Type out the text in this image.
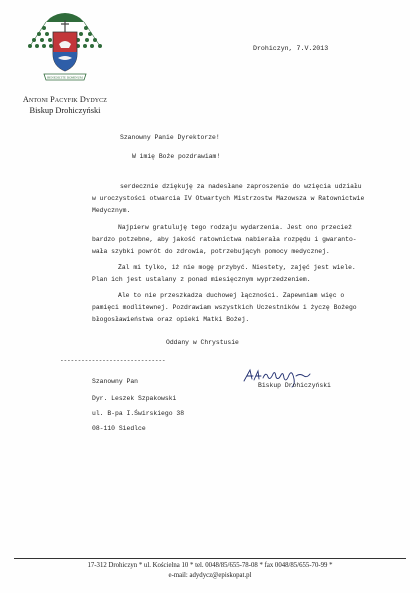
BENEDICITE DOMINUM
Antoni Pacyfik Dydycz
Biskup Drohiczyński
Drohiczyn, 7.V.2013
Szanowny Panie Dyrektorze!
W imię Boże pozdrawiam!
serdecznie dziękuję za nadesłane zaproszenie do wzięcia udziału
w uroczystości otwarcia IV Otwartych Mistrzostw Mazowsza w Ratownictwie
Medycznym.
Najpierw gratuluję tego rodzaju wydarzenia. Jest ono przecież
bardzo potzebne, aby jakość ratownictwa nabierała rozpędu i gwaranto-
wała szybki powrót do zdrowia, potrzebującyh pomocy medycznej.
Żal mi tylko, iż nie mogę przybyć. Niestety, zajęć jest wiele.
Plan ich jest ustalany z ponad miesięcznym wyprzedzeniem.
Ale to nie przeszkadza duchowej łączności. Zapewniam więc o
pamięci modlitewnej. Pozdrawiam wszystkich Uczestników i życzę Bożego
błogosławieństwa oraz opieki Matki Bożej.
Oddany w Chrystusie
------------------------------
Biskup Drohiczyński
Szanowny Pan
Dyr. Leszek Szpakowski
ul. B-pa I.Świrskiego 38
08-110 Siedlce
17-312 Drohiczyn * ul. Kościelna 10 * tel. 0048/85/655-78-08 * fax 0048/85/655-70-99 *
e-mail: adydycz@episkopat.pl
